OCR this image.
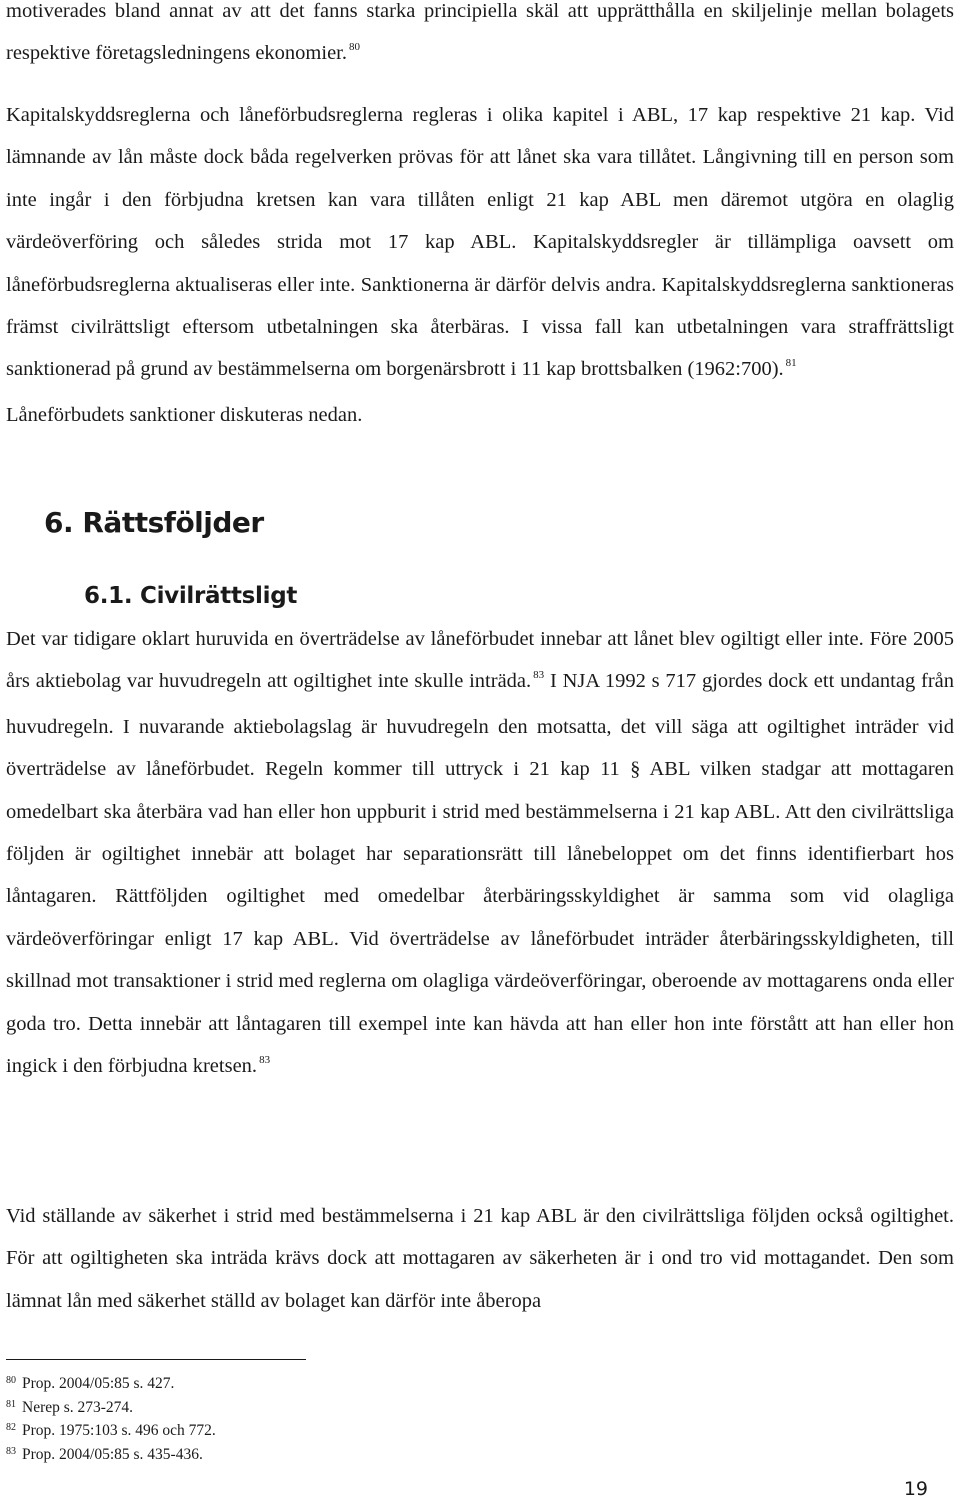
motiverades bland annat av att det fanns starka principiella skäl att upprätthålla en skiljelinje mellan bolagets respektive företagsledningens ekonomier. $^{80}$

Kapitalskyddsreglerna och låneförbudsreglerna regleras i olika kapitel i ABL, 17 kap respektive 21 kap. Vid lämnande av lån måste dock båda regelverken prövas för att lånet ska vara tillåtet. Långivning till en person som inte ingår i den förbjudna kretsen kan vara tillåten enligt 21 kap ABL men däremot utgöra en olaglig värdeöverföring och således strida mot 17 kap ABL. Kapitalskyddsregler är tillämpliga oavsett om låneförbudsreglerna aktualiseras eller inte. Sanktionerna är därför delvis andra. Kapitalskyddsreglerna sanktioneras främst civilrättsligt eftersom utbetalningen ska återbäras. I vissa fall kan utbetalningen vara straffrättsligt sanktionerad på grund av bestämmelserna om borgenärsbrott i 11 kap brottsbalken (1962:700). $^{81}$
Låneförbudets sanktioner diskuteras nedan.

6. Rättsföljder
6.1. Civilrättsligt

Det var tidigare oklart huruvida en överträdelse av låneförbudet innebar att lånet blev ogiltigt eller inte. Före 2005 års aktiebolag var huvudregeln att ogiltighet inte skulle inträda. $^{83}$ I NJA 1992 s 717 gjordes dock ett undantag från huvudregeln. I nuvarande aktiebolagslag är huvudregeln den motsatta, det vill säga att ogiltighet inträder vid överträdelse av låneförbudet. Regeln kommer till uttryck i 21 kap 11 § ABL vilken stadgar att mottagaren omedelbart ska återbära vad han eller hon uppburit i strid med bestämmelserna i 21 kap ABL. Att den civilrättsliga följden är ogiltighet innebär att bolaget har separationsrätt till lånebeloppet om det finns identifierbart hos låntagaren. Rättföljden ogiltighet med omedelbar återbäringsskyldighet är samma som vid olagliga värdeöverföringar enligt 17 kap ABL. Vid överträdelse av låneförbudet inträder återbäringsskyldigheten, till skillnad mot transaktioner i strid med reglerna om olagliga värdeöverföringar, oberoende av mottagarens onda eller goda tro. Detta innebär att låntagaren till exempel inte kan hävda att han eller hon inte förstått att han eller hon ingick i den förbjudna kretsen. $^{83}$

Vid ställande av säkerhet i strid med bestämmelserna i 21 kap ABL är den civilrättsliga följden också ogiltighet. För att ogiltigheten ska inträda krävs dock att mottagaren av säkerheten är i ond tro vid mottagandet. Den som lämnat lån med säkerhet ställd av bolaget kan därför inte åberopa

$^{80}$ Prop. 2004/05:85 s. 427.
$^{81}$ Nerep s. 273-274.
$^{82}$ Prop. 1975:103 s. 496 och 772.
$^{83}$ Prop. 2004/05:85 s. 435-436.
19
